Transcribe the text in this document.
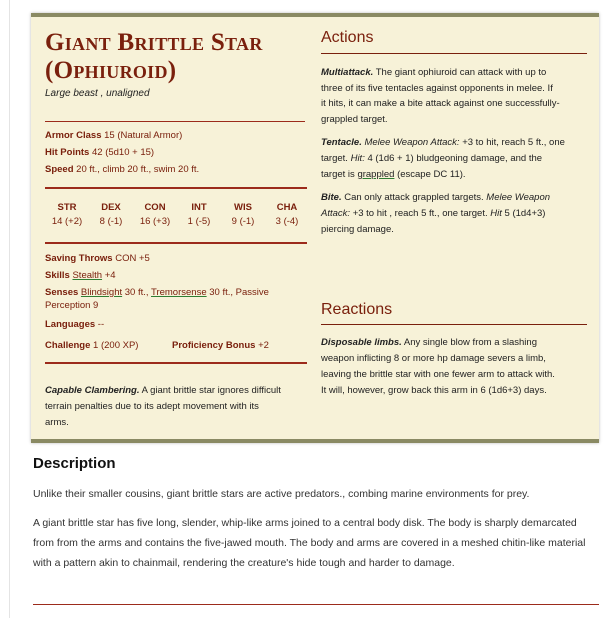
Giant Brittle Star
(Ophiuroid)
Large beast , unaligned
Armor Class 15 (Natural Armor)
Hit Points 42 (5d10 + 15)
Speed 20 ft., climb 20 ft., swim 20 ft.
STR
14 (+2)
DEX
8 (-1)
CON
16 (+3)
INT
1 (-5)
WIS
9 (-1)
CHA
3 (-4)
Saving Throws CON +5
Skills Stealth +4
Senses Blindsight 30 ft., Tremorsense 30 ft., Passive
Perception 9
Languages --
Challenge 1 (200 XP)	Proficiency Bonus +2
Capable Clambering. A giant brittle star ignores difficult
terrain penalties due to its adept movement with its
arms.
Actions
Multiattack. The giant ophiuroid can attack with up to
three of its five tentacles against opponents in melee. If
it hits, it can make a bite attack against one successfully-
grappled target.
Tentacle. Melee Weapon Attack: +3 to hit, reach 5 ft., one
target. Hit: 4 (1d6 + 1) bludgeoning damage, and the
target is grappled (escape DC 11).
Bite. Can only attack grappled targets. Melee Weapon
Attack: +3 to hit , reach 5 ft., one target. Hit 5 (1d4+3)
piercing damage.
Reactions
Disposable limbs. Any single blow from a slashing
weapon inflicting 8 or more hp damage severs a limb,
leaving the brittle star with one fewer arm to attack with.
It will, however, grow back this arm in 6 (1d6+3) days.
Description
Unlike their smaller cousins, giant brittle stars are active predators., combing marine environments for prey.
A giant brittle star has five long, slender, whip-like arms joined to a central body disk. The body is sharply demarcated
from from the arms and contains the five-jawed mouth. The body and arms are covered in a meshed chitin-like material
with a pattern akin to chainmail, rendering the creature's hide tough and harder to damage.
